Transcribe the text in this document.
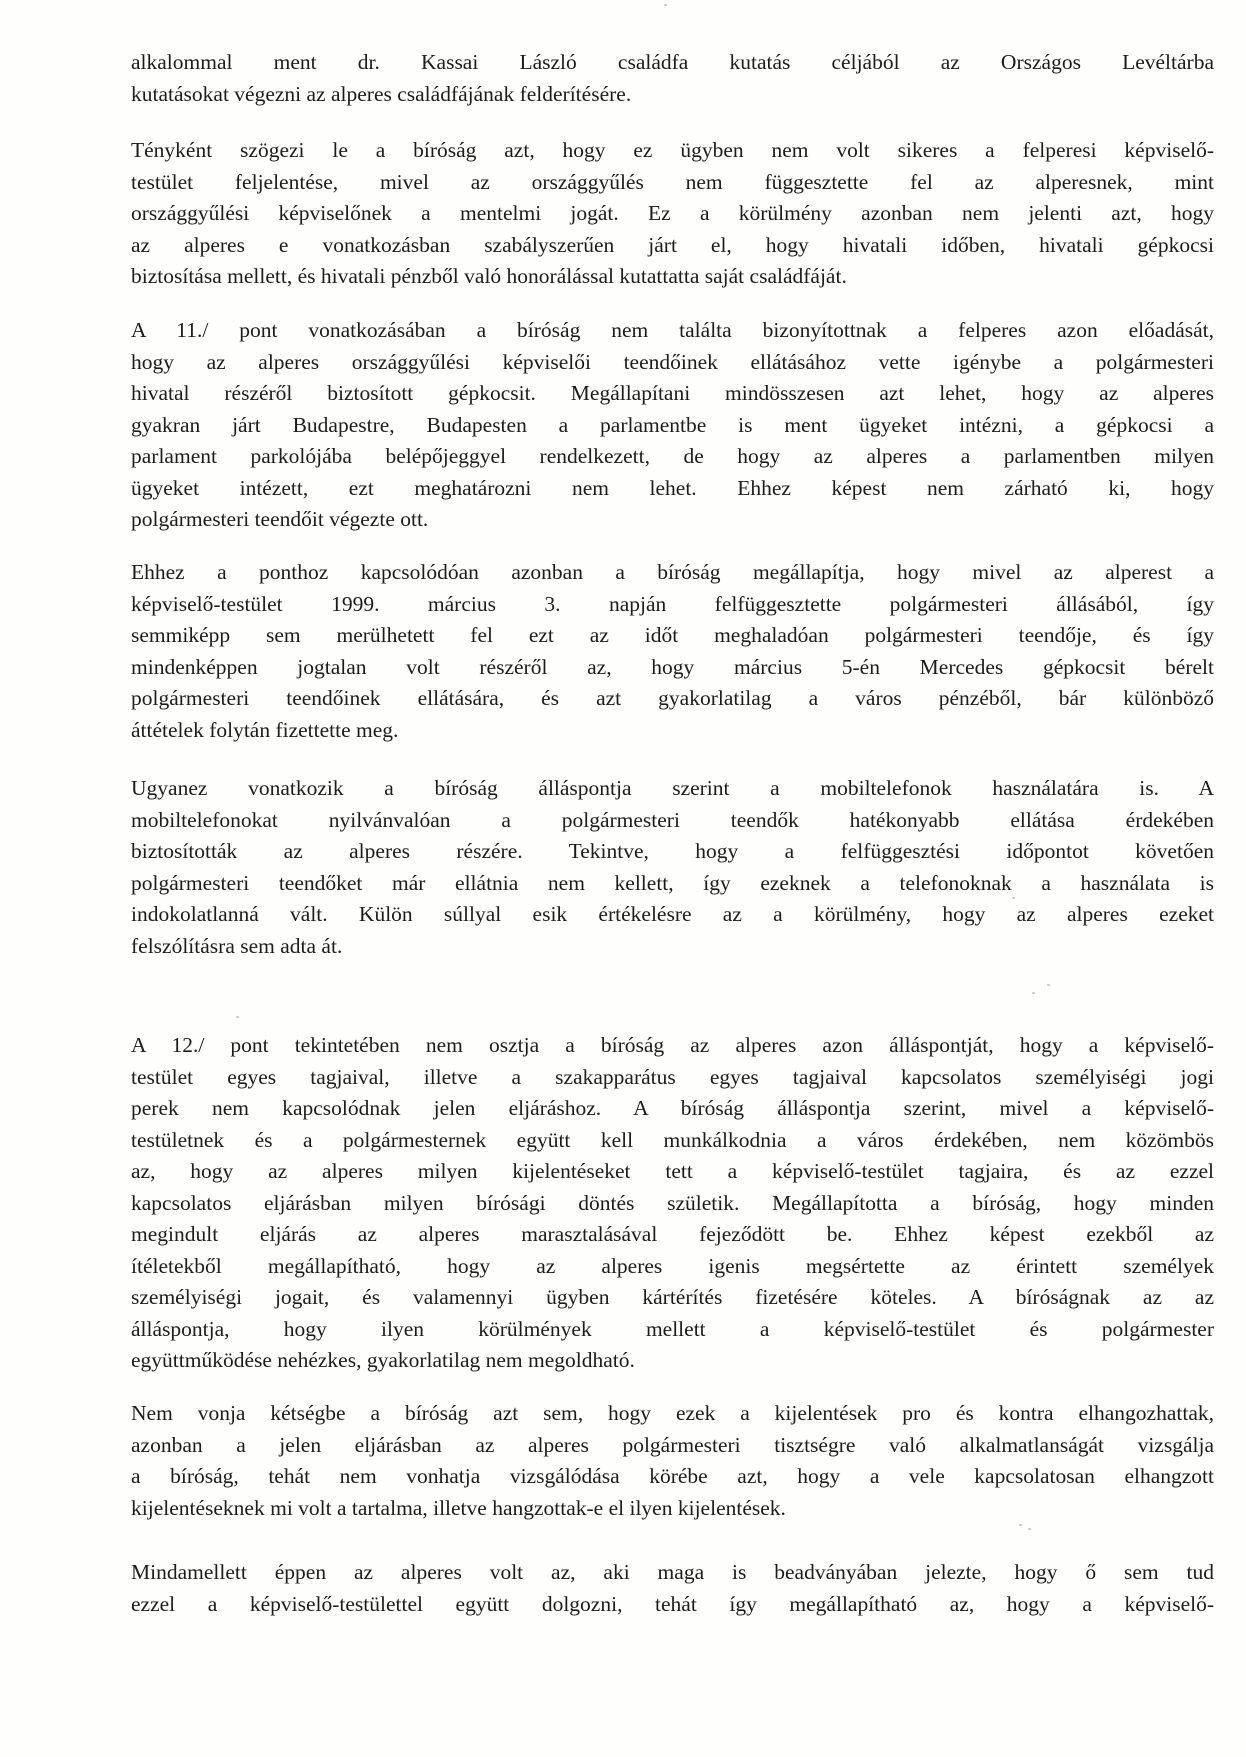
alkalommal ment dr. Kassai László családfa kutatás céljából az Országos Levéltárba
kutatásokat végezni az alperes családfájának felderítésére.
Tényként szögezi le a bíróság azt, hogy ez ügyben nem volt sikeres a felperesi képviselő-
testület feljelentése, mivel az országgyűlés nem függesztette fel az alperesnek, mint
országgyűlési képviselőnek a mentelmi jogát. Ez a körülmény azonban nem jelenti azt, hogy
az alperes e vonatkozásban szabályszerűen járt el, hogy hivatali időben, hivatali gépkocsi
biztosítása mellett, és hivatali pénzből való honorálással kutattatta saját családfáját.
A 11./ pont vonatkozásában a bíróság nem találta bizonyítottnak a felperes azon előadását,
hogy az alperes országgyűlési képviselői teendőinek ellátásához vette igénybe a polgármesteri
hivatal részéről biztosított gépkocsit. Megállapítani mindösszesen azt lehet, hogy az alperes
gyakran járt Budapestre, Budapesten a parlamentbe is ment ügyeket intézni, a gépkocsi a
parlament parkolójába belépőjeggyel rendelkezett, de hogy az alperes a parlamentben milyen
ügyeket intézett, ezt meghatározni nem lehet. Ehhez képest nem zárható ki, hogy
polgármesteri teendőit végezte ott.
Ehhez a ponthoz kapcsolódóan azonban a bíróság megállapítja, hogy mivel az alperest a
képviselő-testület 1999. március 3. napján felfüggesztette polgármesteri állásából, így
semmiképp sem merülhetett fel ezt az időt meghaladóan polgármesteri teendője, és így
mindenképpen jogtalan volt részéről az, hogy március 5-én Mercedes gépkocsit bérelt
polgármesteri teendőinek ellátására, és azt gyakorlatilag a város pénzéből, bár különböző
áttételek folytán fizettette meg.
Ugyanez vonatkozik a bíróság álláspontja szerint a mobiltelefonok használatára is. A
mobiltelefonokat nyilvánvalóan a polgármesteri teendők hatékonyabb ellátása érdekében
biztosították az alperes részére. Tekintve, hogy a felfüggesztési időpontot követően
polgármesteri teendőket már ellátnia nem kellett, így ezeknek a telefonoknak a használata is
indokolatlanná vált. Külön súllyal esik értékelésre az a körülmény, hogy az alperes ezeket
felszólításra sem adta át.
A 12./ pont tekintetében nem osztja a bíróság az alperes azon álláspontját, hogy a képviselő-
testület egyes tagjaival, illetve a szakapparátus egyes tagjaival kapcsolatos személyiségi jogi
perek nem kapcsolódnak jelen eljáráshoz. A bíróság álláspontja szerint, mivel a képviselő-
testületnek és a polgármesternek együtt kell munkálkodnia a város érdekében, nem közömbös
az, hogy az alperes milyen kijelentéseket tett a képviselő-testület tagjaira, és az ezzel
kapcsolatos eljárásban milyen bírósági döntés születik. Megállapította a bíróság, hogy minden
megindult eljárás az alperes marasztalásával fejeződött be. Ehhez képest ezekből az
ítéletekből megállapítható, hogy az alperes igenis megsértette az érintett személyek
személyiségi jogait, és valamennyi ügyben kártérítés fizetésére köteles. A bíróságnak az az
álláspontja, hogy ilyen körülmények mellett a képviselő-testület és polgármester
együttműködése nehézkes, gyakorlatilag nem megoldható.
Nem vonja kétségbe a bíróság azt sem, hogy ezek a kijelentések pro és kontra elhangozhattak,
azonban a jelen eljárásban az alperes polgármesteri tisztségre való alkalmatlanságát vizsgálja
a bíróság, tehát nem vonhatja vizsgálódása körébe azt, hogy a vele kapcsolatosan elhangzott
kijelentéseknek mi volt a tartalma, illetve hangzottak-e el ilyen kijelentések.
Mindamellett éppen az alperes volt az, aki maga is beadványában jelezte, hogy ő sem tud
ezzel a képviselő-testülettel együtt dolgozni, tehát így megállapítható az, hogy a képviselő-
